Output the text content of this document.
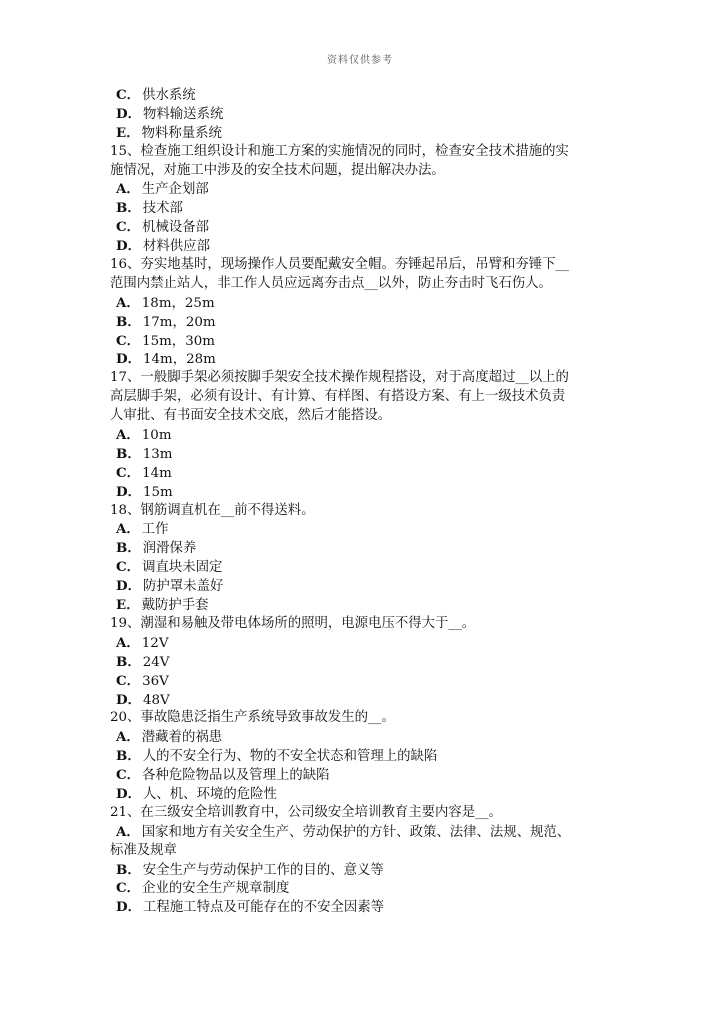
资料仅供参考
C． 供水系统
D． 物料输送系统
E． 物料称量系统
15、检查施工组织设计和施工方案的实施情况的同时，检查安全技术措施的实
施情况，对施工中涉及的安全技术问题，提出解决办法。
A． 生产企划部
B． 技术部
C． 机械设备部
D． 材料供应部
16、夯实地基时，现场操作人员要配戴安全帽。夯锤起吊后，吊臂和夯锤下__
范围内禁止站人，非工作人员应远离夯击点__以外，防止夯击时飞石伤人。
A． 18m，25m
B． 17m，20m
C． 15m，30m
D． 14m，28m
17、一般脚手架必须按脚手架安全技术操作规程搭设，对于高度超过__以上的
高层脚手架，必须有设计、有计算、有样图、有搭设方案、有上一级技术负责
人审批、有书面安全技术交底，然后才能搭设。
A． 10m
B． 13m
C． 14m
D． 15m
18、钢筋调直机在__前不得送料。
A． 工作
B． 润滑保养
C． 调直块未固定
D． 防护罩未盖好
E． 戴防护手套
19、潮湿和易触及带电体场所的照明，电源电压不得大于__。
A． 12V
B． 24V
C． 36V
D． 48V
20、事故隐患泛指生产系统导致事故发生的__。
A． 潜藏着的祸患
B． 人的不安全行为、物的不安全状态和管理上的缺陷
C． 各种危险物品以及管理上的缺陷
D． 人、机、环境的危险性
21、在三级安全培训教育中，公司级安全培训教育主要内容是__。
A． 国家和地方有关安全生产、劳动保护的方针、政策、法律、法规、规范、
标准及规章
B． 安全生产与劳动保护工作的目的、意义等
C． 企业的安全生产规章制度
D． 工程施工特点及可能存在的不安全因素等
